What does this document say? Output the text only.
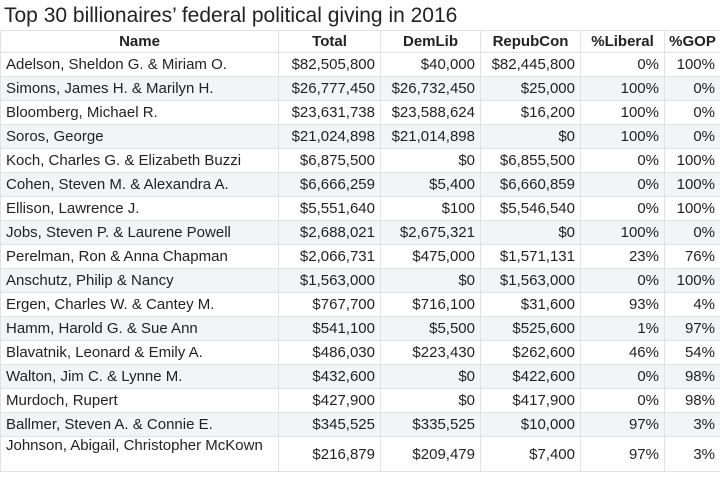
Top 30 billionaires’ federal political giving in 2016
Name	Total	DemLib	RepubCon	%Liberal	%GOP
Adelson, Sheldon G. & Miriam O.	$82,505,800	$40,000	$82,445,800	0%	100%
Simons, James H. & Marilyn H.	$26,777,450	$26,732,450	$25,000	100%	0%
Bloomberg, Michael R.	$23,631,738	$23,588,624	$16,200	100%	0%
Soros, George	$21,024,898	$21,014,898	$0	100%	0%
Koch, Charles G. & Elizabeth Buzzi	$6,875,500	$0	$6,855,500	0%	100%
Cohen, Steven M. & Alexandra A.	$6,666,259	$5,400	$6,660,859	0%	100%
Ellison, Lawrence J.	$5,551,640	$100	$5,546,540	0%	100%
Jobs, Steven P. & Laurene Powell	$2,688,021	$2,675,321	$0	100%	0%
Perelman, Ron & Anna Chapman	$2,066,731	$475,000	$1,571,131	23%	76%
Anschutz, Philip & Nancy	$1,563,000	$0	$1,563,000	0%	100%
Ergen, Charles W. & Cantey M.	$767,700	$716,100	$31,600	93%	4%
Hamm, Harold G. & Sue Ann	$541,100	$5,500	$525,600	1%	97%
Blavatnik, Leonard & Emily A.	$486,030	$223,430	$262,600	46%	54%
Walton, Jim C. & Lynne M.	$432,600	$0	$422,600	0%	98%
Murdoch, Rupert	$427,900	$0	$417,900	0%	98%
Ballmer, Steven A. & Connie E.	$345,525	$335,525	$10,000	97%	3%
Johnson, Abigail, Christopher McKown	$216,879	$209,479	$7,400	97%	3%
